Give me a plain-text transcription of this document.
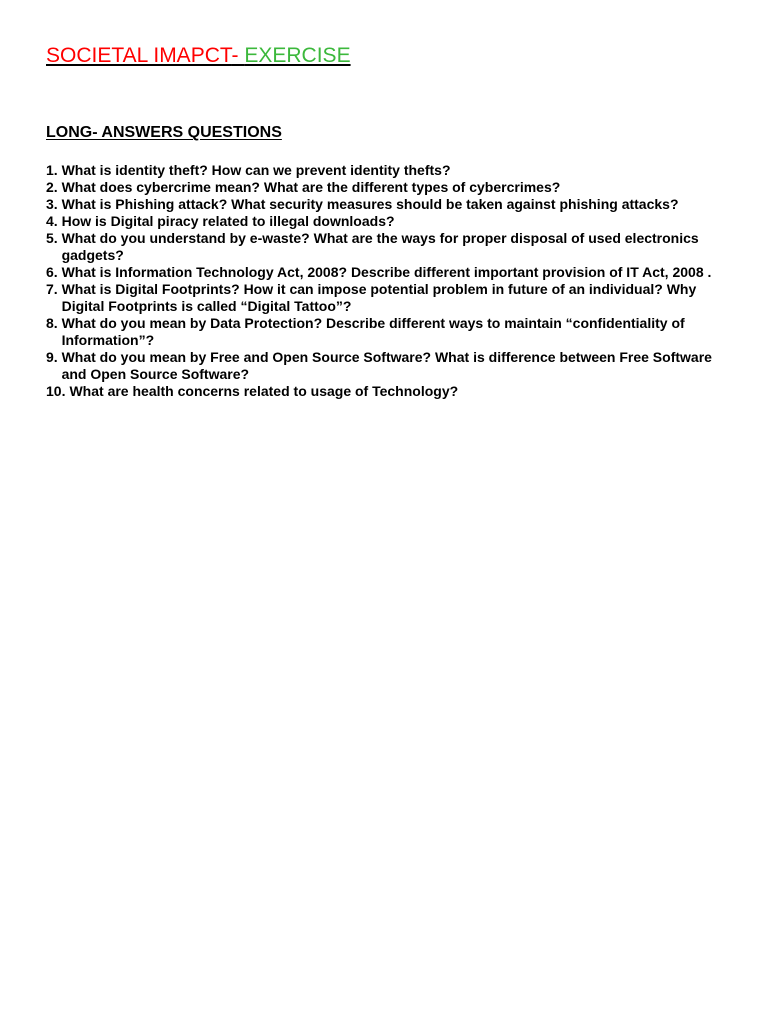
SOCIETAL IMAPCT- EXERCISE
LONG- ANSWERS QUESTIONS
1. What is identity theft? How can we prevent identity thefts?
2. What does cybercrime mean? What are the different types of cybercrimes?
3. What is Phishing attack? What security measures should be taken against phishing attacks?
4. How is Digital piracy related to illegal downloads?
5. What do you understand by e-waste? What are the ways for proper disposal of used electronics gadgets?
6. What is Information Technology Act, 2008? Describe different important provision of IT Act, 2008 .
7. What is Digital Footprints? How it can impose potential problem in future of an individual? Why Digital Footprints is called “Digital Tattoo”?
8. What do you mean by Data Protection? Describe different ways to maintain “confidentiality of Information”?
9. What do you mean by Free and Open Source Software? What is difference between Free Software and Open Source Software?
10. What are health concerns related to usage of Technology?
